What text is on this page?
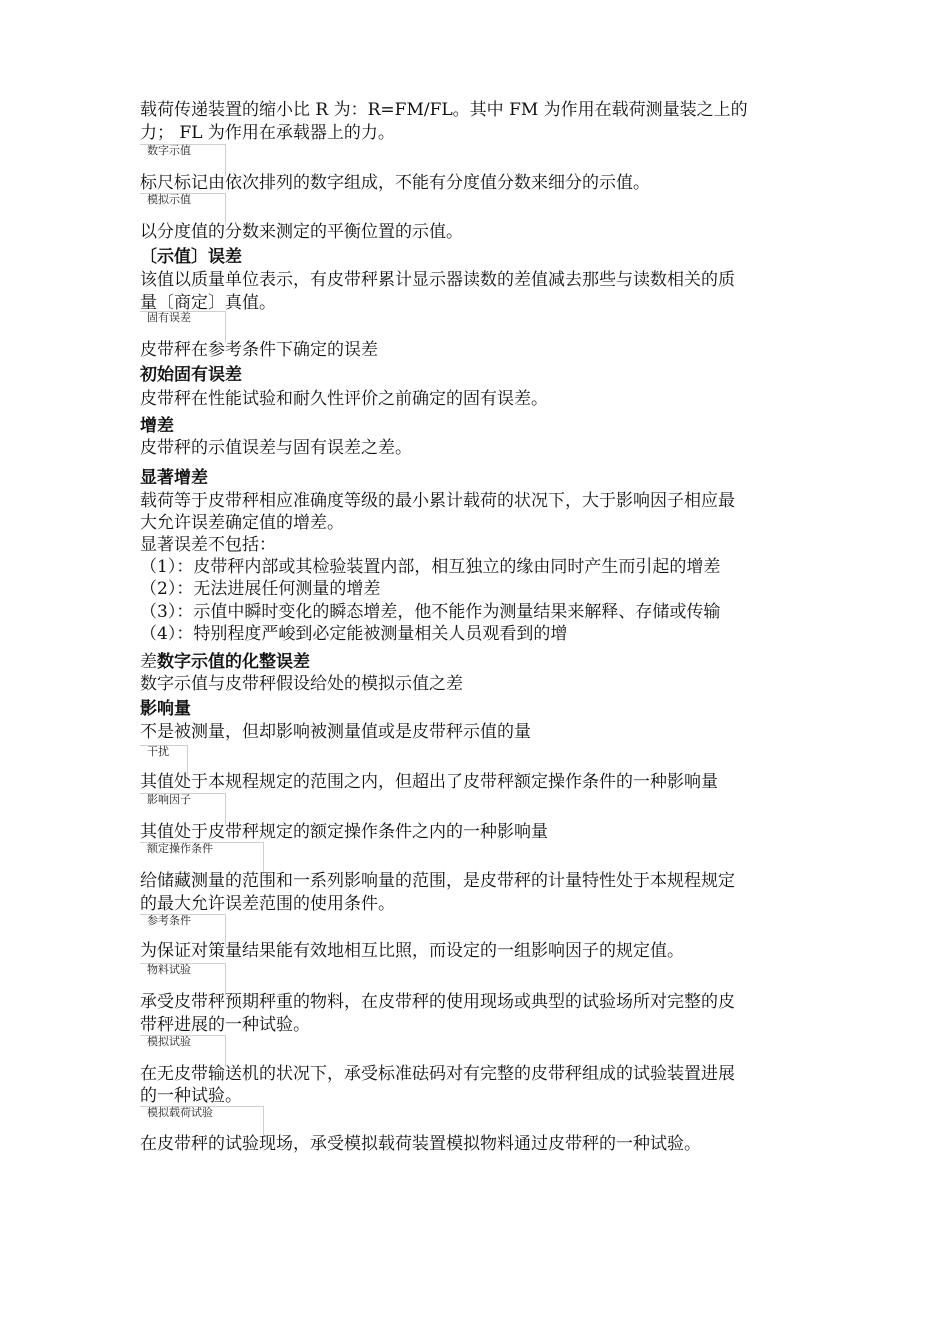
载荷传递装置的缩小比 R 为：R=FM/FL。其中 FM 为作用在载荷测量装之上的
力； FL 为作用在承载器上的力。
数字示值
标尺标记由依次排列的数字组成，不能有分度值分数来细分的示值。
模拟示值
以分度值的分数来测定的平衡位置的示值。
〔示值〕误差
该值以质量单位表示，有皮带秤累计显示器读数的差值减去那些与读数相关的质
量〔商定〕真值。
固有误差
皮带秤在参考条件下确定的误差
初始固有误差
皮带秤在性能试验和耐久性评价之前确定的固有误差。
增差
皮带秤的示值误差与固有误差之差。
显著增差
载荷等于皮带秤相应准确度等级的最小累计载荷的状况下，大于影响因子相应最
大允许误差确定值的增差。
显著误差不包括：
（1）：皮带秤内部或其检验装置内部，相互独立的缘由同时产生而引起的增差
（2）：无法进展任何测量的增差
（3）：示值中瞬时变化的瞬态增差，他不能作为测量结果来解释、存储或传输
（4）：特别程度严峻到必定能被测量相关人员观看到的增
差 数字示值的化整误差
数字示值与皮带秤假设给处的模拟示值之差
影响量
不是被测量，但却影响被测量值或是皮带秤示值的量
干扰
其值处于本规程规定的范围之内，但超出了皮带秤额定操作条件的一种影响量
影响因子
其值处于皮带秤规定的额定操作条件之内的一种影响量
额定操作条件
给储藏测量的范围和一系列影响量的范围，是皮带秤的计量特性处于本规程规定
的最大允许误差范围的使用条件。
参考条件
为保证对策量结果能有效地相互比照，而设定的一组影响因子的规定值。
物料试验
承受皮带秤预期秤重的物料，在皮带秤的使用现场或典型的试验场所对完整的皮
带秤进展的一种试验。
模拟试验
在无皮带输送机的状况下，承受标准砝码对有完整的皮带秤组成的试验装置进展
的一种试验。
模拟载荷试验
在皮带秤的试验现场，承受模拟载荷装置模拟物料通过皮带秤的一种试验。
